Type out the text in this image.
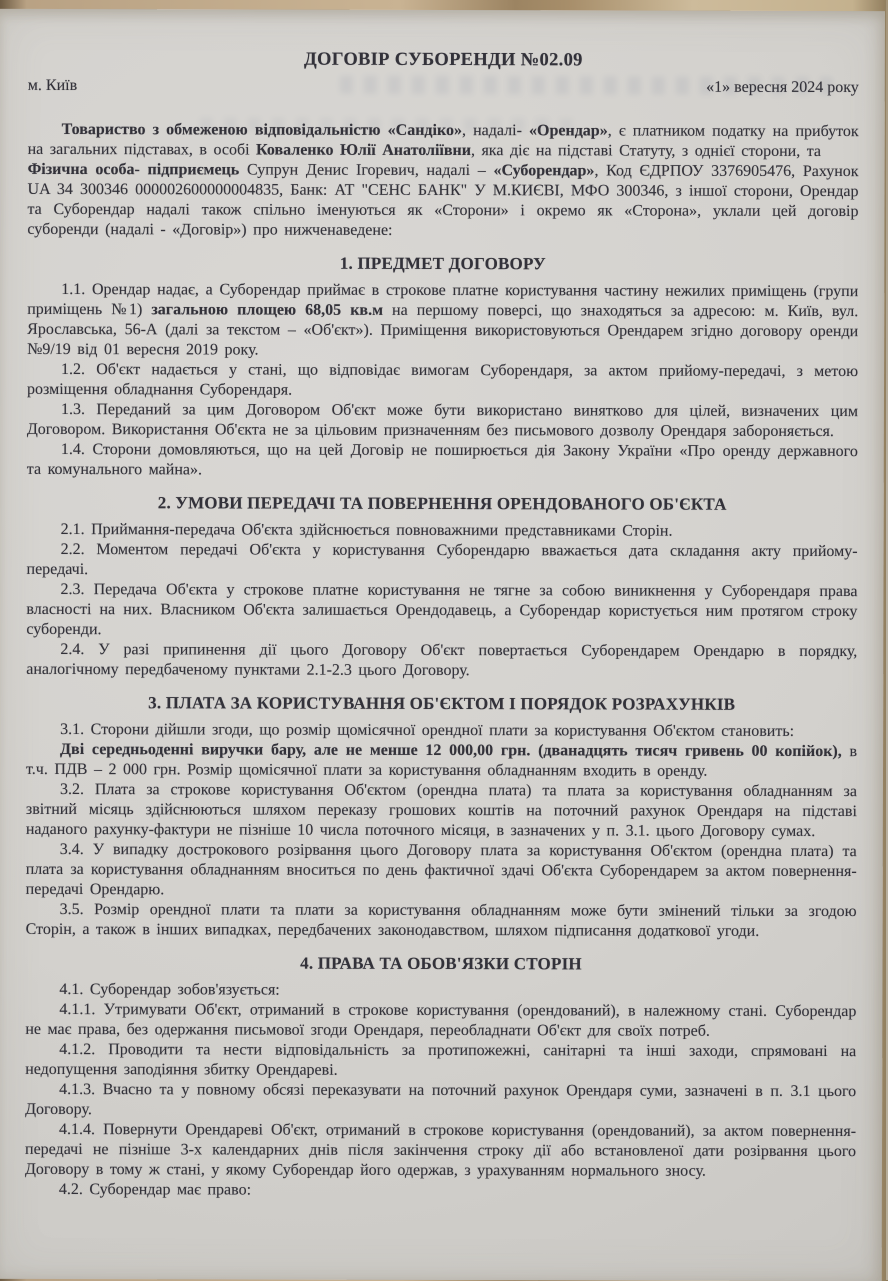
ДОГОВІР СУБОРЕНДИ №02.09
м. Київ	«1» вересня 2024 року

Товариство з обмеженою відповідальністю «Сандіко», надалі- «Орендар», є платником податку на прибуток на загальних підставах, в особі Коваленко Юлії Анатоліївни, яка діє на підставі Статуту, з однієї сторони, та

Фізична особа- підприємець Супрун Денис Ігоревич, надалі – «Суборендар», Код ЄДРПОУ 3376905476, Рахунок UA 34 300346 000002600000004835, Банк: АТ "СЕНС БАНК" У М.КИЄВІ, МФО 300346, з іншої сторони, Орендар та Суборендар надалі також спільно іменуються як «Сторони» і окремо як «Сторона», уклали цей договір суборенди (надалі - «Договір») про нижченаведене:

1. ПРЕДМЕТ ДОГОВОРУ

1.1. Орендар надає, а Суборендар приймає в строкове платне користування частину нежилих приміщень (групи приміщень №1) загальною площею 68,05 кв.м на першому поверсі, що знаходяться за адресою: м. Київ, вул. Ярославська, 56-А (далі за текстом – «Об'єкт»). Приміщення використовуються Орендарем згідно договору оренди №9/19 від 01 вересня 2019 року.

1.2. Об'єкт надається у стані, що відповідає вимогам Суборендаря, за актом прийому-передачі, з метою розміщення обладнання Суборендаря.

1.3. Переданий за цим Договором Об'єкт може бути використано винятково для цілей, визначених цим Договором. Використання Об'єкта не за цільовим призначенням без письмового дозволу Орендаря забороняється.

1.4. Сторони домовляються, що на цей Договір не поширюється дія Закону України «Про оренду державного та комунального майна».

2. УМОВИ ПЕРЕДАЧІ ТА ПОВЕРНЕННЯ ОРЕНДОВАНОГО ОБ'ЄКТА

2.1. Приймання-передача Об'єкта здійснюється повноважними представниками Сторін.

2.2. Моментом передачі Об'єкта у користування Суборендарю вважається дата складання акту прийому-передачі.

2.3. Передача Об'єкта у строкове платне користування не тягне за собою виникнення у Суборендаря права власності на них. Власником Об'єкта залишається Орендодавець, а Суборендар користується ним протягом строку суборенди.

2.4. У разі припинення дії цього Договору Об'єкт повертається Суборендарем Орендарю в порядку, аналогічному передбаченому пунктами 2.1-2.3 цього Договору.

3. ПЛАТА ЗА КОРИСТУВАННЯ ОБ'ЄКТОМ І ПОРЯДОК РОЗРАХУНКІВ

3.1. Сторони дійшли згоди, що розмір щомісячної орендної плати за користування Об'єктом становить:

Дві середньоденні виручки бару, але не менше 12 000,00 грн. (дванадцять тисяч гривень 00 копійок), в т.ч. ПДВ – 2 000 грн. Розмір щомісячної плати за користування обладнанням входить в оренду.

3.2. Плата за строкове користування Об'єктом (орендна плата) та плата за користування обладнанням за звітний місяць здійснюються шляхом переказу грошових коштів на поточний рахунок Орендаря на підставі наданого рахунку-фактури не пізніше 10 числа поточного місяця, в зазначених у п. 3.1. цього Договору сумах.

3.4. У випадку дострокового розірвання цього Договору плата за користування Об'єктом (орендна плата) та плата за користування обладнанням вноситься по день фактичної здачі Об'єкта Суборендарем за актом повернення-передачі Орендарю.

3.5. Розмір орендної плати та плати за користування обладнанням може бути змінений тільки за згодою Сторін, а також в інших випадках, передбачених законодавством, шляхом підписання додаткової угоди.

4. ПРАВА ТА ОБОВ'ЯЗКИ СТОРІН

4.1. Суборендар зобов'язується:

4.1.1. Утримувати Об'єкт, отриманий в строкове користування (орендований), в належному стані. Суборендар не має права, без одержання письмової згоди Орендаря, переобладнати Об'єкт для своїх потреб.

4.1.2. Проводити та нести відповідальність за протипожежні, санітарні та інші заходи, спрямовані на недопущення заподіяння збитку Орендареві.

4.1.3. Вчасно та у повному обсязі переказувати на поточний рахунок Орендаря суми, зазначені в п. 3.1 цього Договору.

4.1.4. Повернути Орендареві Об'єкт, отриманий в строкове користування (орендований), за актом повернення-передачі не пізніше 3-х календарних днів після закінчення строку дії або встановленої дати розірвання цього Договору в тому ж стані, у якому Суборендар його одержав, з урахуванням нормального зносу.

4.2. Суборендар має право:
